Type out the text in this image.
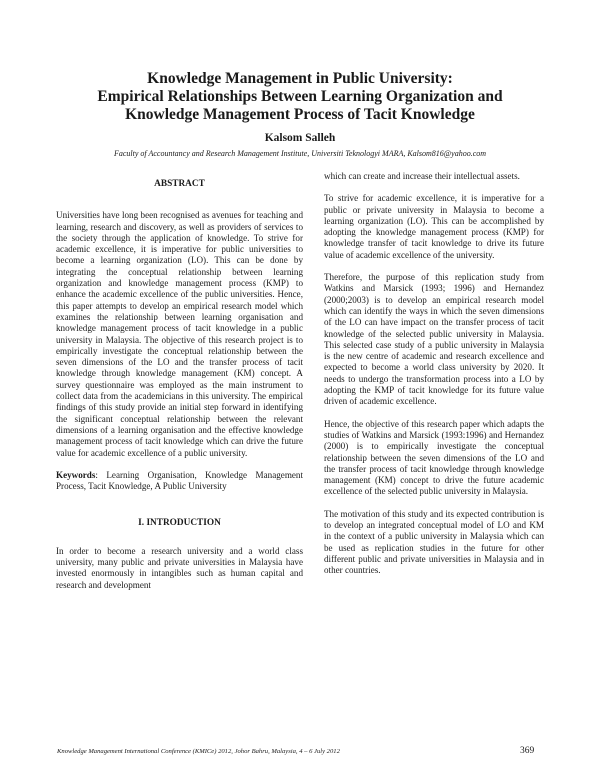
Knowledge Management in Public University:
Empirical Relationships Between Learning Organization and
Knowledge Management Process of Tacit Knowledge
Kalsom Salleh
Faculty of Accountancy and Research Management Institute, Universiti Teknologyi MARA, Kalsom816@yahoo.com
ABSTRACT

Universities have long been recognised as avenues for teaching and learning, research and discovery, as well as providers of services to the society through the application of knowledge. To strive for academic excellence, it is imperative for public universities to become a learning organization (LO). This can be done by integrating the conceptual relationship between learning organization and knowledge management process (KMP) to enhance the academic excellence of the public universities. Hence, this paper attempts to develop an empirical research model which examines the relationship between learning organisation and knowledge management process of tacit knowledge in a public university in Malaysia. The objective of this research project is to empirically investigate the conceptual relationship between the seven dimensions of the LO and the transfer process of tacit knowledge through knowledge management (KM) concept. A survey questionnaire was employed as the main instrument to collect data from the academicians in this university. The empirical findings of this study provide an initial step forward in identifying the significant conceptual relationship between the relevant dimensions of a learning organisation and the effective knowledge management process of tacit knowledge which can drive the future value for academic excellence of a public university.

Keywords: Learning Organisation, Knowledge Management Process, Tacit Knowledge, A Public University

I. INTRODUCTION

In order to become a research university and a world class university, many public and private universities in Malaysia have invested enormously in intangibles such as human capital and research and development

which can create and increase their intellectual assets.

To strive for academic excellence, it is imperative for a public or private university in Malaysia to become a learning organization (LO). This can be accomplished by adopting the knowledge management process (KMP) for knowledge transfer of tacit knowledge to drive its future value of academic excellence of the university.

Therefore, the purpose of this replication study from Watkins and Marsick (1993; 1996) and Hernandez (2000;2003) is to develop an empirical research model which can identify the ways in which the seven dimensions of the LO can have impact on the transfer process of tacit knowledge of the selected public university in Malaysia. This selected case study of a public university in Malaysia is the new centre of academic and research excellence and expected to become a world class university by 2020. It needs to undergo the transformation process into a LO by adopting the KMP of tacit knowledge for its future value driven of academic excellence.

Hence, the objective of this research paper which adapts the studies of Watkins and Marsick (1993:1996) and Hernandez (2000) is to empirically investigate the conceptual relationship between the seven dimensions of the LO and the transfer process of tacit knowledge through knowledge management (KM) concept to drive the future academic excellence of the selected public university in Malaysia.

The motivation of this study and its expected contribution is to develop an integrated conceptual model of LO and KM in the context of a public university in Malaysia which can be used as replication studies in the future for other different public and private universities in Malaysia and in other countries.

Knowledge Management International Conference (KMICe) 2012, Johor Bahru, Malaysia, 4 – 6 July 2012	369
